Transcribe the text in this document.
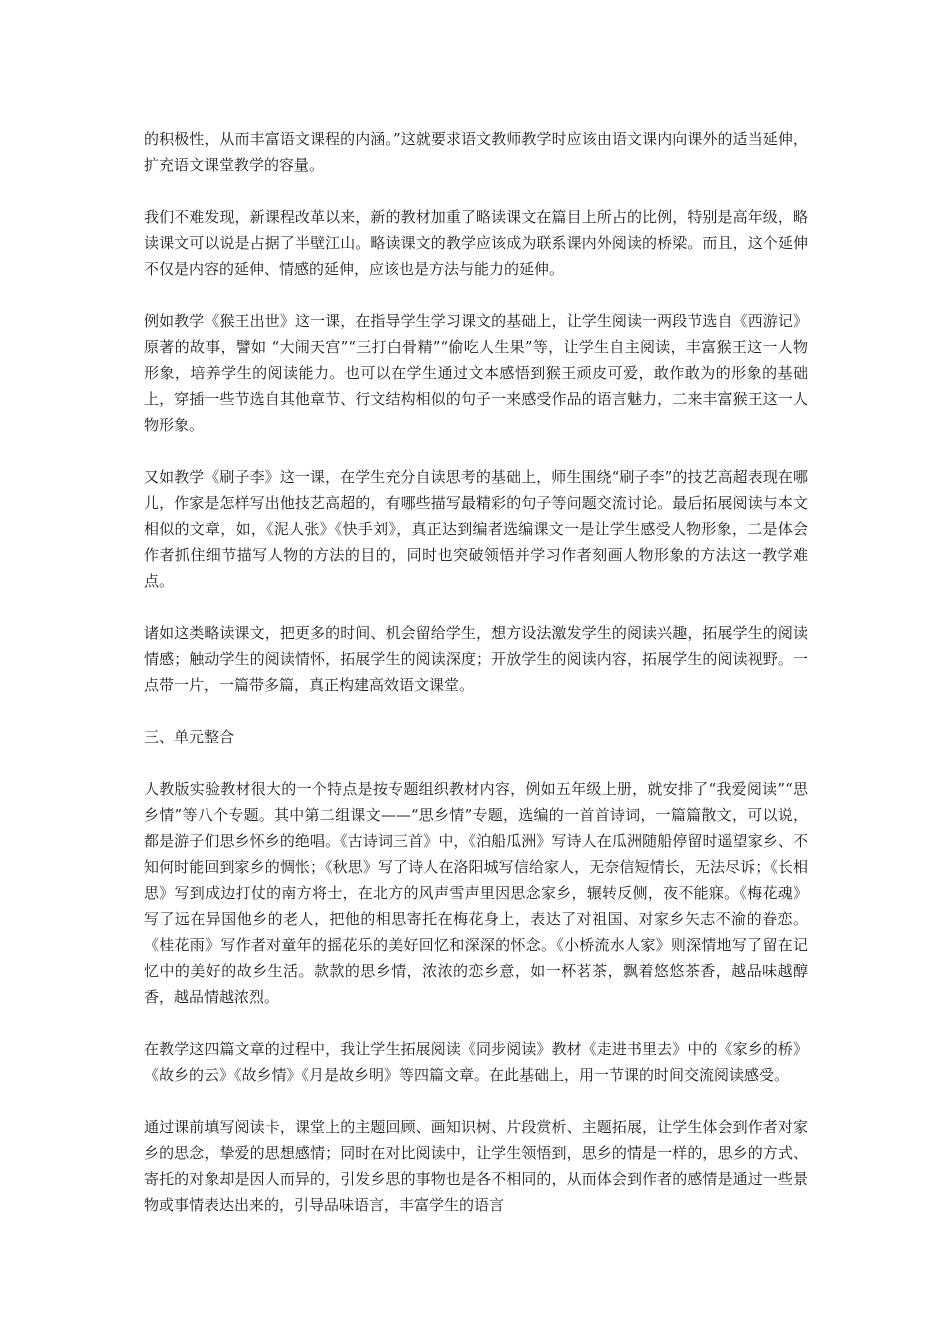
的积极性，从而丰富语文课程的内涵。”这就要求语文教师教学时应该由语文课内向课外的适当延伸，扩充语文课堂教学的容量。

我们不难发现，新课程改革以来，新的教材加重了略读课文在篇目上所占的比例，特别是高年级，略读课文可以说是占据了半壁江山。略读课文的教学应该成为联系课内外阅读的桥梁。而且，这个延伸不仅是内容的延伸、情感的延伸，应该也是方法与能力的延伸。

例如教学《猴王出世》这一课，在指导学生学习课文的基础上，让学生阅读一两段节选自《西游记》原著的故事，譬如 “大闹天宫”“三打白骨精”“偷吃人生果”等，让学生自主阅读，丰富猴王这一人物形象，培养学生的阅读能力。也可以在学生通过文本感悟到猴王顽皮可爱，敢作敢为的形象的基础上，穿插一些节选自其他章节、行文结构相似的句子一来感受作品的语言魅力，二来丰富猴王这一人物形象。

又如教学《刷子李》这一课，在学生充分自读思考的基础上，师生围绕“刷子李”的技艺高超表现在哪儿，作家是怎样写出他技艺高超的，有哪些描写最精彩的句子等问题交流讨论。最后拓展阅读与本文相似的文章，如，《泥人张》《快手刘》，真正达到编者选编课文一是让学生感受人物形象，二是体会作者抓住细节描写人物的方法的目的，同时也突破领悟并学习作者刻画人物形象的方法这一教学难点。

诸如这类略读课文，把更多的时间、机会留给学生，想方设法激发学生的阅读兴趣，拓展学生的阅读情感；触动学生的阅读情怀，拓展学生的阅读深度；开放学生的阅读内容，拓展学生的阅读视野。一点带一片，一篇带多篇，真正构建高效语文课堂。

三、单元整合

人教版实验教材很大的一个特点是按专题组织教材内容，例如五年级上册，就安排了“我爱阅读”“思乡情”等八个专题。其中第二组课文——“思乡情”专题，选编的一首首诗词，一篇篇散文，可以说，都是游子们思乡怀乡的绝唱。《古诗词三首》中，《泊船瓜洲》写诗人在瓜洲随船停留时遥望家乡、不知何时能回到家乡的惆怅；《秋思》写了诗人在洛阳城写信给家人，无奈信短情长，无法尽诉；《长相思》写到成边打仗的南方将士，在北方的风声雪声里因思念家乡，辗转反侧，夜不能寐。《梅花魂》写了远在异国他乡的老人，把他的相思寄托在梅花身上，表达了对祖国、对家乡矢志不渝的眷恋。《桂花雨》写作者对童年的摇花乐的美好回忆和深深的怀念。《小桥流水人家》则深情地写了留在记忆中的美好的故乡生活。款款的思乡情，浓浓的恋乡意，如一杯茗茶，飘着悠悠茶香，越品味越醇香，越品情越浓烈。

在教学这四篇文章的过程中，我让学生拓展阅读《同步阅读》教材《走进书里去》中的《家乡的桥》《故乡的云》《故乡情》《月是故乡明》等四篇文章。在此基础上，用一节课的时间交流阅读感受。

通过课前填写阅读卡，课堂上的主题回顾、画知识树、片段赏析、主题拓展，让学生体会到作者对家乡的思念，挚爱的思想感情；同时在对比阅读中，让学生领悟到，思乡的情是一样的，思乡的方式、寄托的对象却是因人而异的，引发乡思的事物也是各不相同的，从而体会到作者的感情是通过一些景物或事情表达出来的，引导品味语言，丰富学生的语言
